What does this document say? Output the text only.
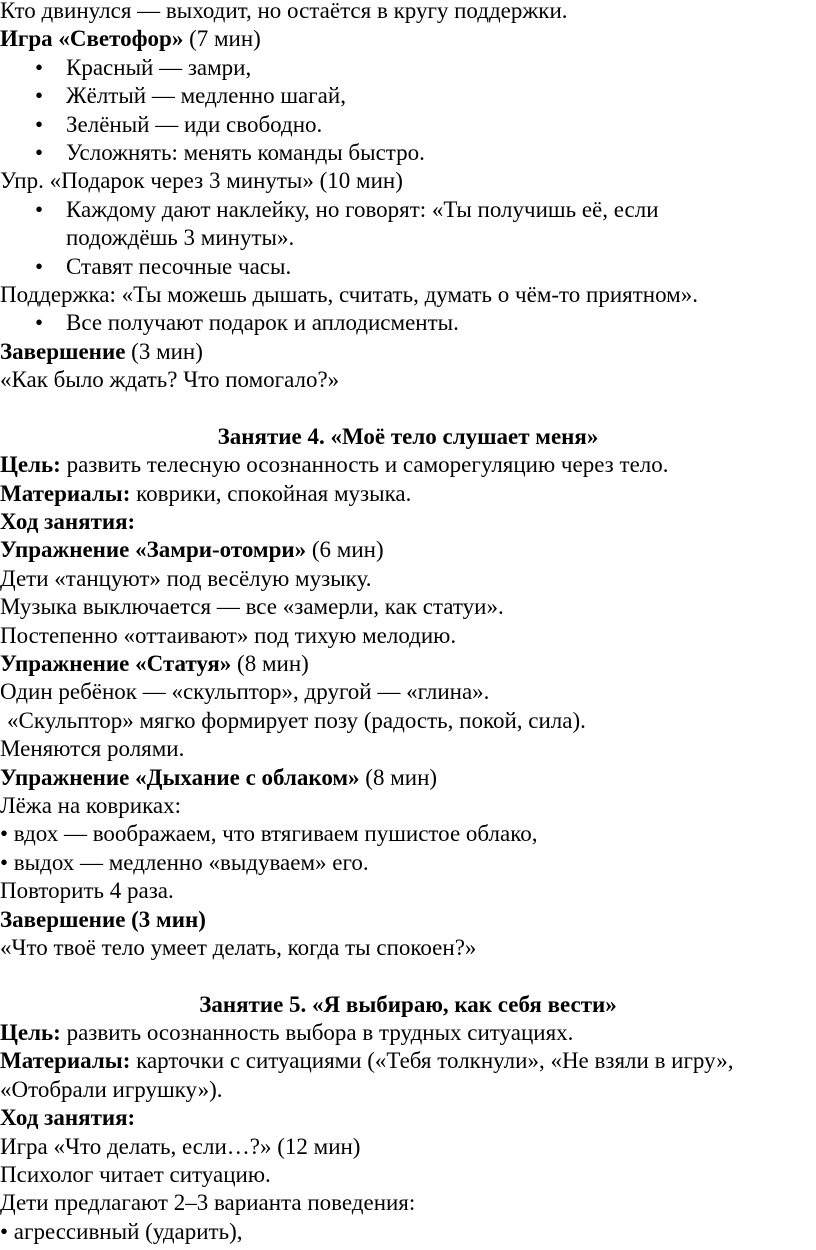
Кто двинулся — выходит, но остаётся в кругу поддержки.
Игра «Светофор» (7 мин)
• Красный — замри,
• Жёлтый — медленно шагай,
• Зелёный — иди свободно.
• Усложнять: менять команды быстро.
Упр. «Подарок через 3 минуты» (10 мин)
• Каждому дают наклейку, но говорят: «Ты получишь её, если
подождёшь 3 минуты».
• Ставят песочные часы.
Поддержка: «Ты можешь дышать, считать, думать о чём-то приятном».
• Все получают подарок и аплодисменты.
Завершение (3 мин)
«Как было ждать? Что помогало?»
Занятие 4. «Моё тело слушает меня»
Цель: развить телесную осознанность и саморегуляцию через тело.
Материалы: коврики, спокойная музыка.
Ход занятия:
Упражнение «Замри-отомри» (6 мин)
Дети «танцуют» под весёлую музыку.
Музыка выключается — все «замерли, как статуи».
Постепенно «оттаивают» под тихую мелодию.
Упражнение «Статуя» (8 мин)
Один ребёнок — «скульптор», другой — «глина».
«Скульптор» мягко формирует позу (радость, покой, сила).
Меняются ролями.
Упражнение «Дыхание с облаком» (8 мин)
Лёжа на ковриках:
• вдох — воображаем, что втягиваем пушистое облако,
• выдох — медленно «выдуваем» его.
Повторить 4 раза.
Завершение (3 мин)
«Что твоё тело умеет делать, когда ты спокоен?»
Занятие 5. «Я выбираю, как себя вести»
Цель: развить осознанность выбора в трудных ситуациях.
Материалы: карточки с ситуациями («Тебя толкнули», «Не взяли в игру»,
«Отобрали игрушку»).
Ход занятия:
Игра «Что делать, если…?» (12 мин)
Психолог читает ситуацию.
Дети предлагают 2–3 варианта поведения:
• агрессивный (ударить),
